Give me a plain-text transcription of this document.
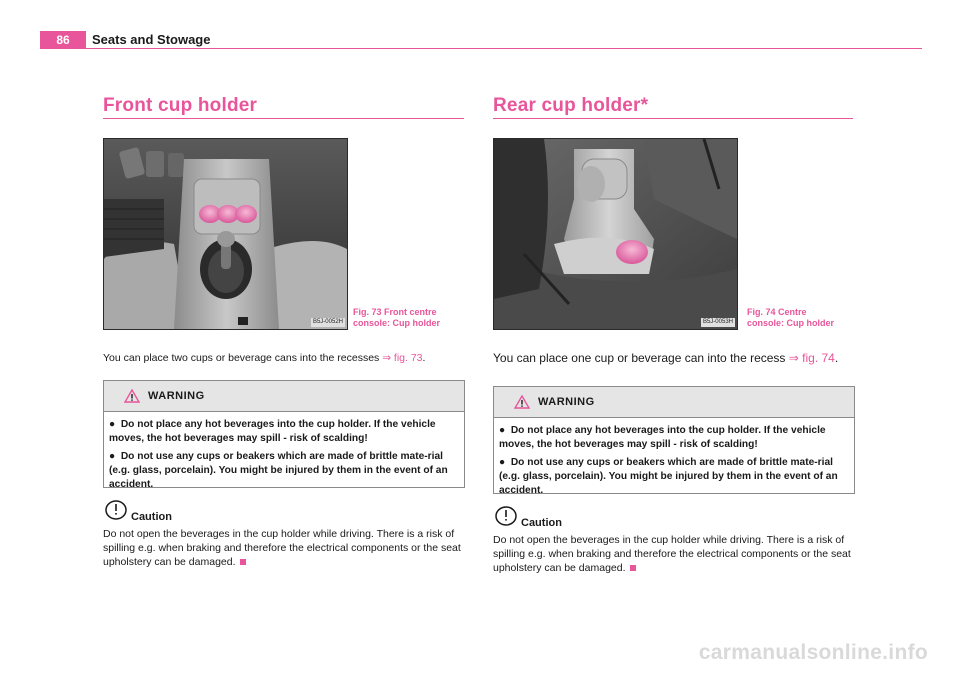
86	Seats and Stowage
Front cup holder
B5J-0052H
Fig. 73 Front centre
console: Cup holder
You can place two cups or beverage cans into the recesses ⇒ fig. 73.
WARNING

●  Do not place any hot beverages into the cup holder. If the vehicle moves, the hot beverages may spill - risk of scalding!

●  Do not use any cups or beakers which are made of brittle mate-rial (e.g. glass, porcelain). You might be injured by them in the event of an accident.

Caution
Do not open the beverages in the cup holder while driving. There is a risk of spilling e.g. when braking and therefore the electrical components or the seat upholstery can be damaged.
Rear cup holder*
B5J-0053H
Fig. 74 Centre
console: Cup holder
You can place one cup or beverage can into the recess ⇒ fig. 74.
WARNING

●  Do not place any hot beverages into the cup holder. If the vehicle moves, the hot beverages may spill - risk of scalding!

●  Do not use any cups or beakers which are made of brittle mate-rial (e.g. glass, porcelain). You might be injured by them in the event of an accident.

Caution
Do not open the beverages in the cup holder while driving. There is a risk of spilling e.g. when braking and therefore the electrical components or the seat upholstery can be damaged.
carmanualsonline.info
